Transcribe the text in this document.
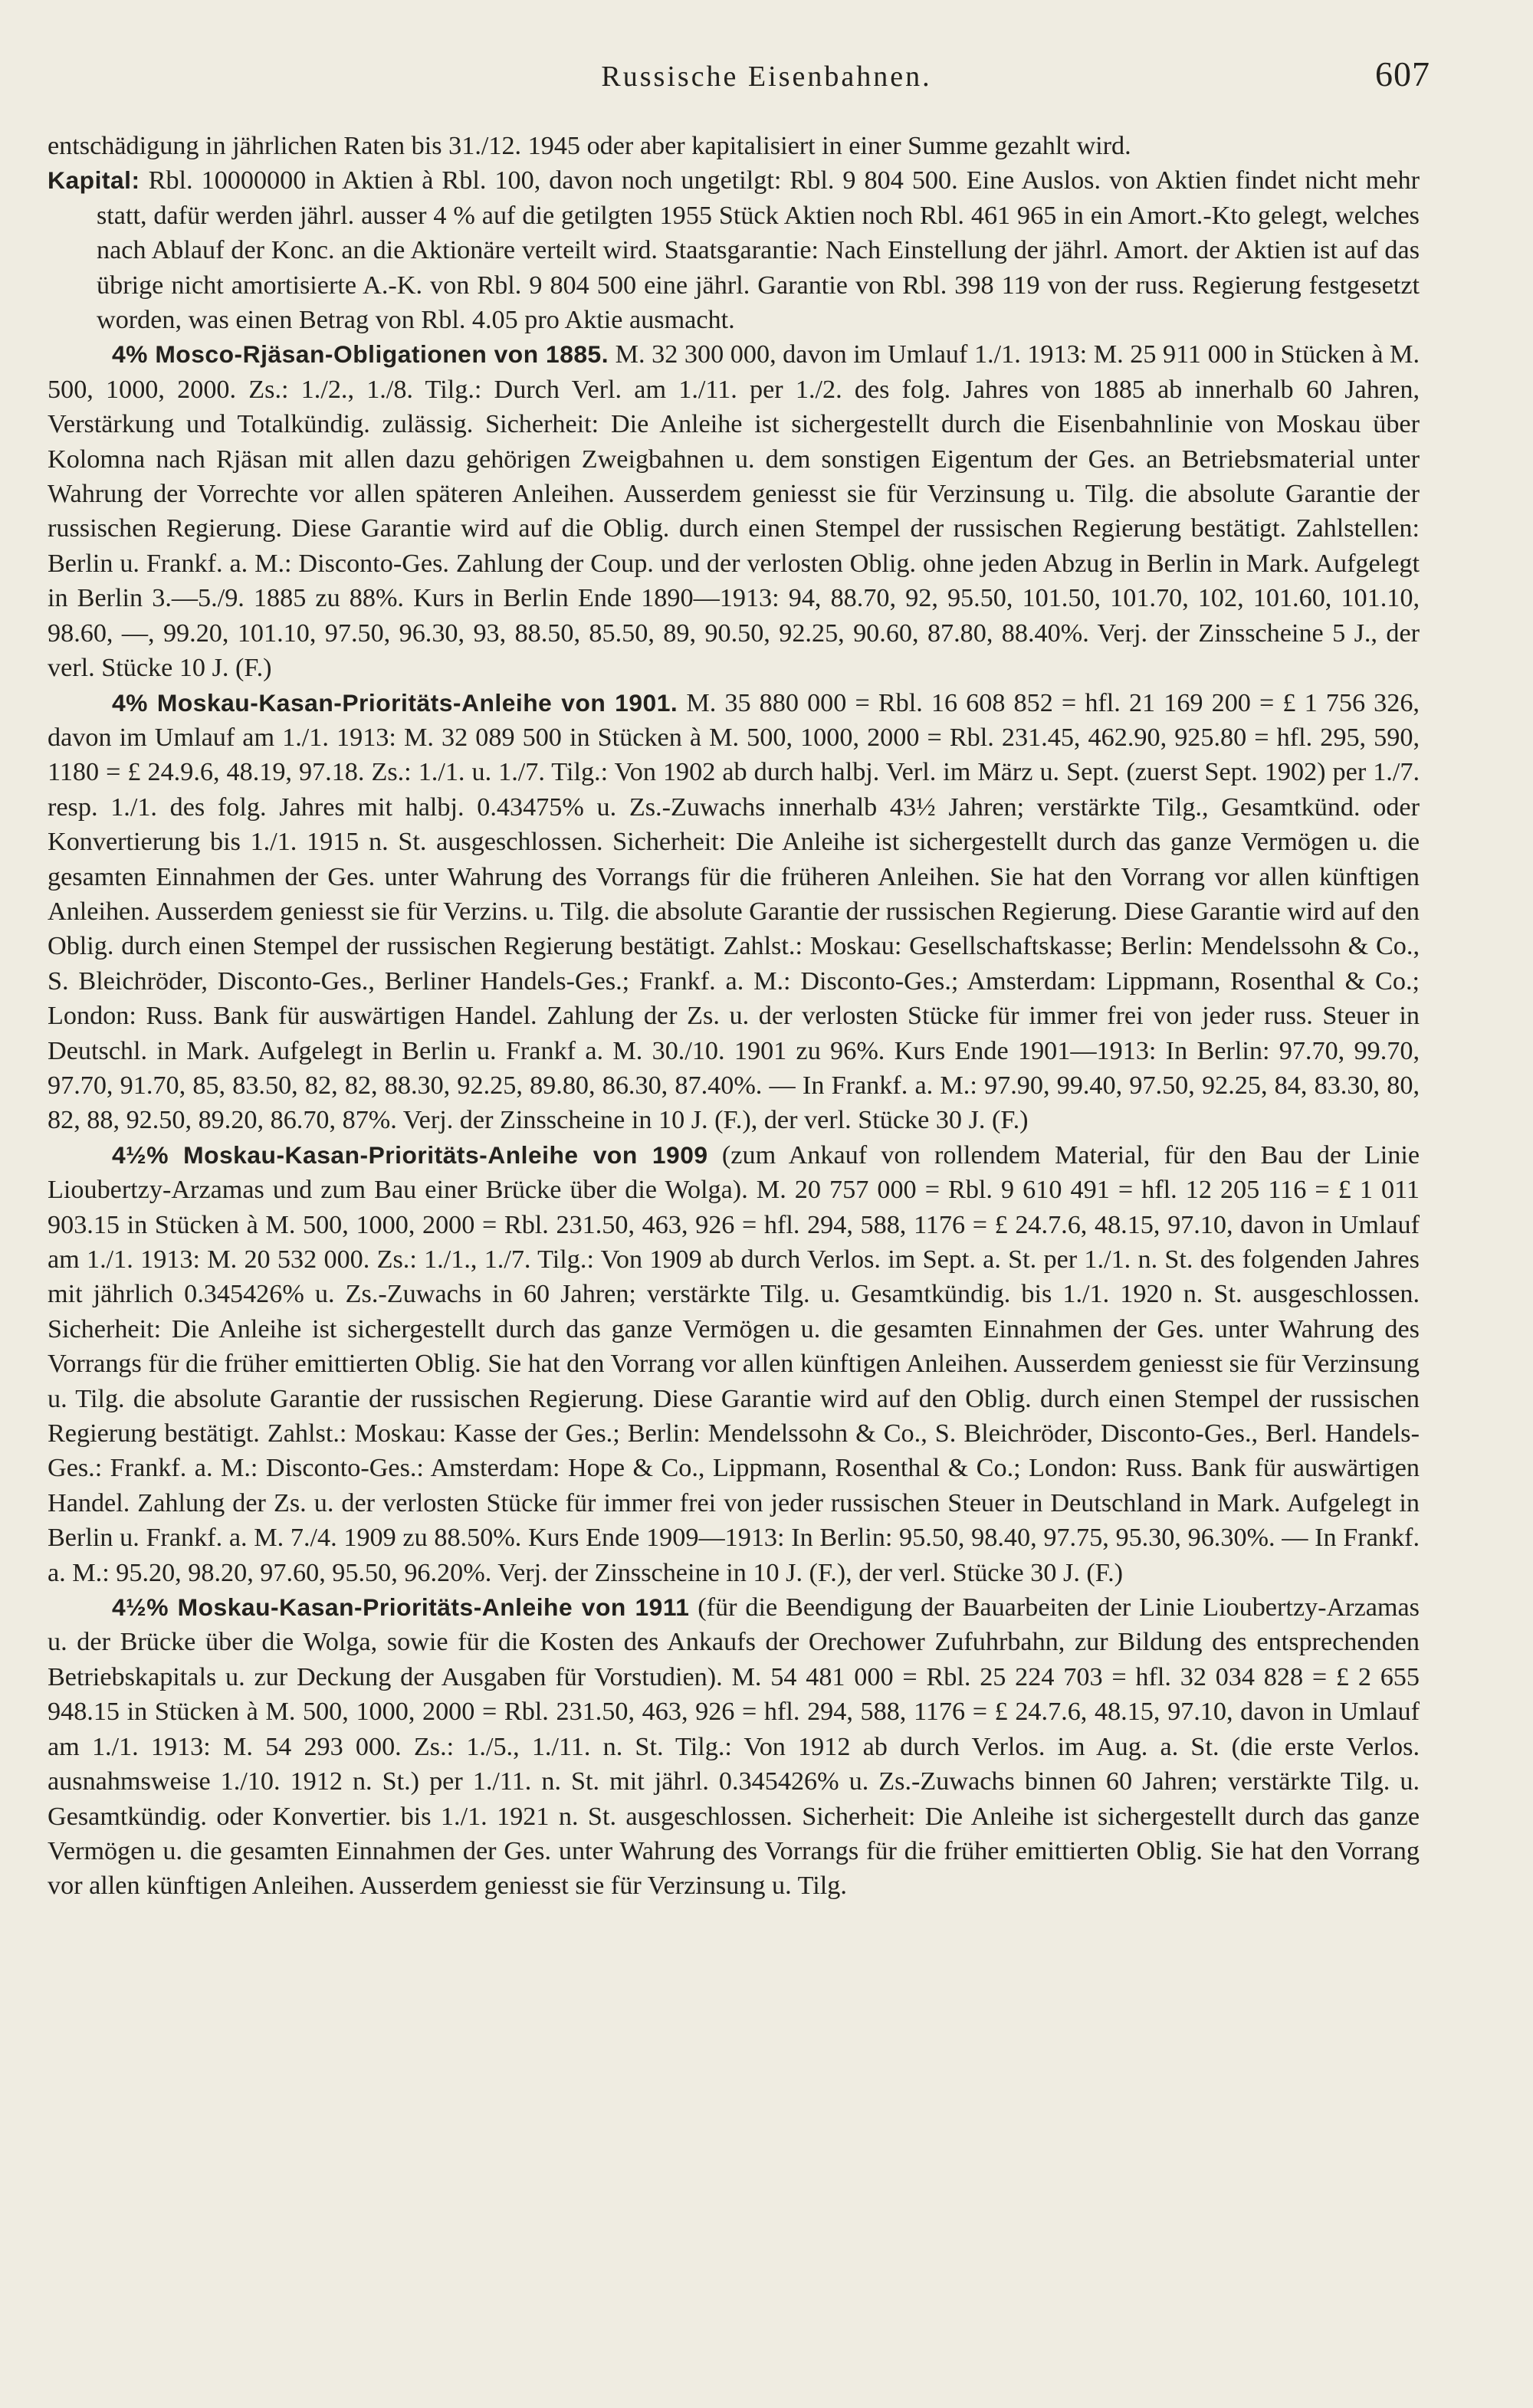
Russische Eisenbahnen.	607

entschädigung in jährlichen Raten bis 31./12. 1945 oder aber kapitalisiert in einer Summe gezahlt wird.

Kapital: Rbl. 10000000 in Aktien à Rbl. 100, davon noch ungetilgt: Rbl. 9 804 500. Eine Auslos. von Aktien findet nicht mehr statt, dafür werden jährl. ausser 4 % auf die getilgten 1955 Stück Aktien noch Rbl. 461 965 in ein Amort.-Kto gelegt, welches nach Ablauf der Konc. an die Aktionäre verteilt wird. Staatsgarantie: Nach Einstellung der jährl. Amort. der Aktien ist auf das übrige nicht amortisierte A.-K. von Rbl. 9 804 500 eine jährl. Garantie von Rbl. 398 119 von der russ. Regierung festgesetzt worden, was einen Betrag von Rbl. 4.05 pro Aktie ausmacht.

4% Mosco-Rjäsan-Obligationen von 1885. M. 32 300 000, davon im Umlauf 1./1. 1913: M. 25 911 000 in Stücken à M. 500, 1000, 2000. Zs.: 1./2., 1./8. Tilg.: Durch Verl. am 1./11. per 1./2. des folg. Jahres von 1885 ab innerhalb 60 Jahren, Verstärkung und Totalkündig. zulässig. Sicherheit: Die Anleihe ist sichergestellt durch die Eisenbahnlinie von Moskau über Kolomna nach Rjäsan mit allen dazu gehörigen Zweigbahnen u. dem sonstigen Eigentum der Ges. an Betriebsmaterial unter Wahrung der Vorrechte vor allen späteren Anleihen. Ausserdem geniesst sie für Verzinsung u. Tilg. die absolute Garantie der russischen Regierung. Diese Garantie wird auf die Oblig. durch einen Stempel der russischen Regierung bestätigt. Zahlstellen: Berlin u. Frankf. a. M.: Disconto-Ges. Zahlung der Coup. und der verlosten Oblig. ohne jeden Abzug in Berlin in Mark. Aufgelegt in Berlin 3.—5./9. 1885 zu 88%. Kurs in Berlin Ende 1890—1913: 94, 88.70, 92, 95.50, 101.50, 101.70, 102, 101.60, 101.10, 98.60, —, 99.20, 101.10, 97.50, 96.30, 93, 88.50, 85.50, 89, 90.50, 92.25, 90.60, 87.80, 88.40%. Verj. der Zinsscheine 5 J., der verl. Stücke 10 J. (F.)

4% Moskau-Kasan-Prioritäts-Anleihe von 1901. M. 35 880 000 = Rbl. 16 608 852 = hfl. 21 169 200 = £ 1 756 326, davon im Umlauf am 1./1. 1913: M. 32 089 500 in Stücken à M. 500, 1000, 2000 = Rbl. 231.45, 462.90, 925.80 = hfl. 295, 590, 1180 = £ 24.9.6, 48.19, 97.18. Zs.: 1./1. u. 1./7. Tilg.: Von 1902 ab durch halbj. Verl. im März u. Sept. (zuerst Sept. 1902) per 1./7. resp. 1./1. des folg. Jahres mit halbj. 0.43475% u. Zs.-Zuwachs innerhalb 43½ Jahren; verstärkte Tilg., Gesamtkünd. oder Konvertierung bis 1./1. 1915 n. St. ausgeschlossen. Sicherheit: Die Anleihe ist sichergestellt durch das ganze Vermögen u. die gesamten Einnahmen der Ges. unter Wahrung des Vorrangs für die früheren Anleihen. Sie hat den Vorrang vor allen künftigen Anleihen. Ausserdem geniesst sie für Verzins. u. Tilg. die absolute Garantie der russischen Regierung. Diese Garantie wird auf den Oblig. durch einen Stempel der russischen Regierung bestätigt. Zahlst.: Moskau: Gesellschaftskasse; Berlin: Mendelssohn & Co., S. Bleichröder, Disconto-Ges., Berliner Handels-Ges.; Frankf. a. M.: Disconto-Ges.; Amsterdam: Lippmann, Rosenthal & Co.; London: Russ. Bank für auswärtigen Handel. Zahlung der Zs. u. der verlosten Stücke für immer frei von jeder russ. Steuer in Deutschl. in Mark. Aufgelegt in Berlin u. Frankf a. M. 30./10. 1901 zu 96%. Kurs Ende 1901—1913: In Berlin: 97.70, 99.70, 97.70, 91.70, 85, 83.50, 82, 82, 88.30, 92.25, 89.80, 86.30, 87.40%. — In Frankf. a. M.: 97.90, 99.40, 97.50, 92.25, 84, 83.30, 80, 82, 88, 92.50, 89.20, 86.70, 87%. Verj. der Zinsscheine in 10 J. (F.), der verl. Stücke 30 J. (F.)

4½% Moskau-Kasan-Prioritäts-Anleihe von 1909 (zum Ankauf von rollendem Material, für den Bau der Linie Lioubertzy-Arzamas und zum Bau einer Brücke über die Wolga). M. 20 757 000 = Rbl. 9 610 491 = hfl. 12 205 116 = £ 1 011 903.15 in Stücken à M. 500, 1000, 2000 = Rbl. 231.50, 463, 926 = hfl. 294, 588, 1176 = £ 24.7.6, 48.15, 97.10, davon in Umlauf am 1./1. 1913: M. 20 532 000. Zs.: 1./1., 1./7. Tilg.: Von 1909 ab durch Verlos. im Sept. a. St. per 1./1. n. St. des folgenden Jahres mit jährlich 0.345426% u. Zs.-Zuwachs in 60 Jahren; verstärkte Tilg. u. Gesamtkündig. bis 1./1. 1920 n. St. ausgeschlossen. Sicherheit: Die Anleihe ist sichergestellt durch das ganze Vermögen u. die gesamten Einnahmen der Ges. unter Wahrung des Vorrangs für die früher emittierten Oblig. Sie hat den Vorrang vor allen künftigen Anleihen. Ausserdem geniesst sie für Verzinsung u. Tilg. die absolute Garantie der russischen Regierung. Diese Garantie wird auf den Oblig. durch einen Stempel der russischen Regierung bestätigt. Zahlst.: Moskau: Kasse der Ges.; Berlin: Mendelssohn & Co., S. Bleichröder, Disconto-Ges., Berl. Handels-Ges.: Frankf. a. M.: Disconto-Ges.: Amsterdam: Hope & Co., Lippmann, Rosenthal & Co.; London: Russ. Bank für auswärtigen Handel. Zahlung der Zs. u. der verlosten Stücke für immer frei von jeder russischen Steuer in Deutschland in Mark. Aufgelegt in Berlin u. Frankf. a. M. 7./4. 1909 zu 88.50%. Kurs Ende 1909—1913: In Berlin: 95.50, 98.40, 97.75, 95.30, 96.30%. — In Frankf. a. M.: 95.20, 98.20, 97.60, 95.50, 96.20%. Verj. der Zinsscheine in 10 J. (F.), der verl. Stücke 30 J. (F.)

4½% Moskau-Kasan-Prioritäts-Anleihe von 1911 (für die Beendigung der Bauarbeiten der Linie Lioubertzy-Arzamas u. der Brücke über die Wolga, sowie für die Kosten des Ankaufs der Orechower Zufuhrbahn, zur Bildung des entsprechenden Betriebskapitals u. zur Deckung der Ausgaben für Vorstudien). M. 54 481 000 = Rbl. 25 224 703 = hfl. 32 034 828 = £ 2 655 948.15 in Stücken à M. 500, 1000, 2000 = Rbl. 231.50, 463, 926 = hfl. 294, 588, 1176 = £ 24.7.6, 48.15, 97.10, davon in Umlauf am 1./1. 1913: M. 54 293 000. Zs.: 1./5., 1./11. n. St. Tilg.: Von 1912 ab durch Verlos. im Aug. a. St. (die erste Verlos. ausnahmsweise 1./10. 1912 n. St.) per 1./11. n. St. mit jährl. 0.345426% u. Zs.-Zuwachs binnen 60 Jahren; verstärkte Tilg. u. Gesamtkündig. oder Konvertier. bis 1./1. 1921 n. St. ausgeschlossen. Sicherheit: Die Anleihe ist sichergestellt durch das ganze Vermögen u. die gesamten Einnahmen der Ges. unter Wahrung des Vorrangs für die früher emittierten Oblig. Sie hat den Vorrang vor allen künftigen Anleihen. Ausserdem geniesst sie für Verzinsung u. Tilg.
